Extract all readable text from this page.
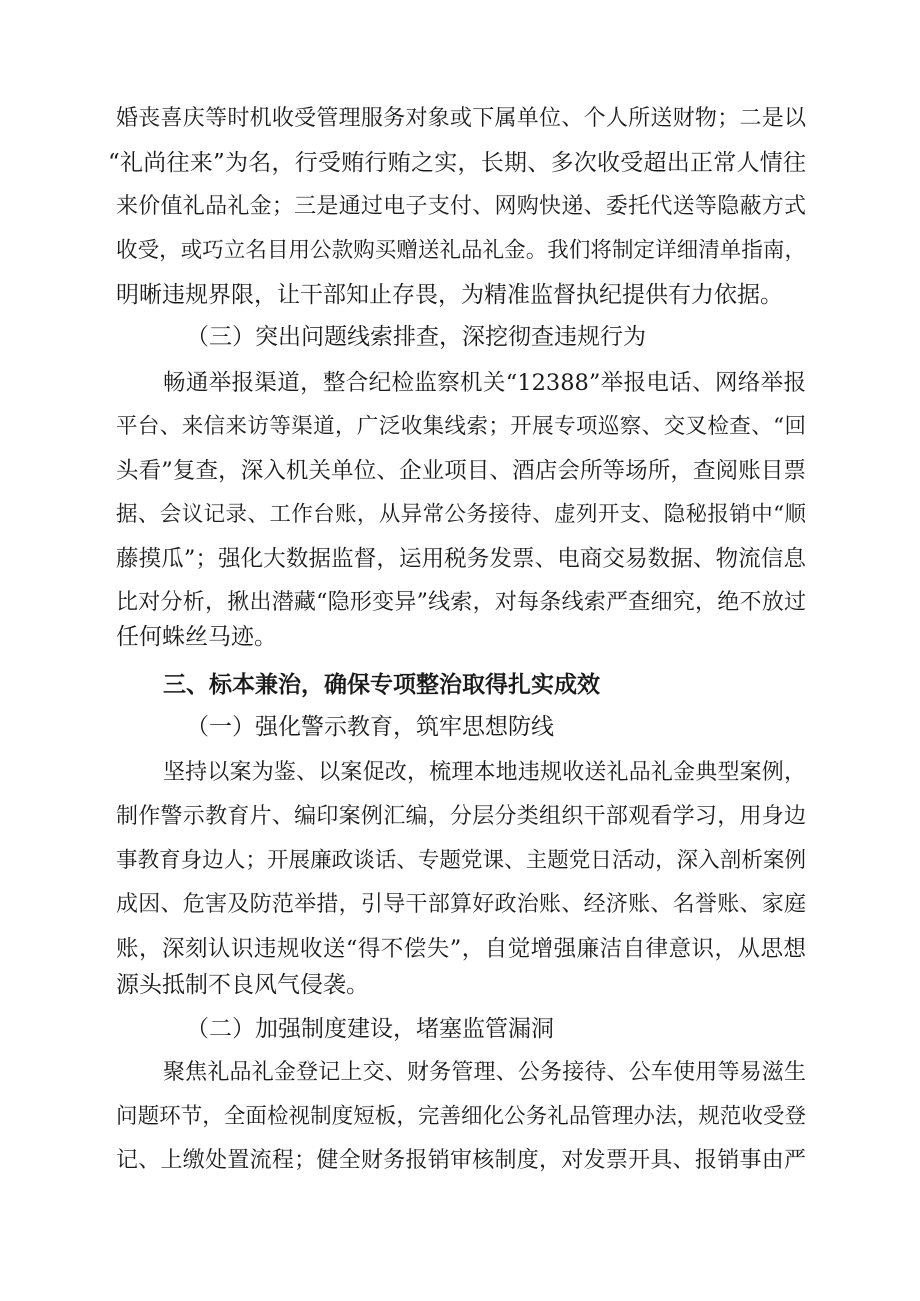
婚丧喜庆等时机收受管理服务对象或下属单位、个人所送财物；二是以
“礼尚往来”为名，行受贿行贿之实，长期、多次收受超出正常人情往
来价值礼品礼金；三是通过电子支付、网购快递、委托代送等隐蔽方式
收受，或巧立名目用公款购买赠送礼品礼金。我们将制定详细清单指南，
明晰违规界限，让干部知止存畏，为精准监督执纪提供有力依据。
（三）突出问题线索排查，深挖彻查违规行为
畅通举报渠道，整合纪检监察机关“12388”举报电话、网络举报
平台、来信来访等渠道，广泛收集线索；开展专项巡察、交叉检查、“回
头看”复查，深入机关单位、企业项目、酒店会所等场所，查阅账目票
据、会议记录、工作台账，从异常公务接待、虚列开支、隐秘报销中“顺
藤摸瓜”；强化大数据监督，运用税务发票、电商交易数据、物流信息
比对分析，揪出潜藏“隐形变异”线索，对每条线索严查细究，绝不放过
任何蛛丝马迹。
三、标本兼治，确保专项整治取得扎实成效
（一）强化警示教育，筑牢思想防线
坚持以案为鉴、以案促改，梳理本地违规收送礼品礼金典型案例，
制作警示教育片、编印案例汇编，分层分类组织干部观看学习，用身边
事教育身边人；开展廉政谈话、专题党课、主题党日活动，深入剖析案例
成因、危害及防范举措，引导干部算好政治账、经济账、名誉账、家庭
账，深刻认识违规收送“得不偿失”，自觉增强廉洁自律意识，从思想
源头抵制不良风气侵袭。
（二）加强制度建设，堵塞监管漏洞
聚焦礼品礼金登记上交、财务管理、公务接待、公车使用等易滋生
问题环节，全面检视制度短板，完善细化公务礼品管理办法，规范收受登
记、上缴处置流程；健全财务报销审核制度，对发票开具、报销事由严
